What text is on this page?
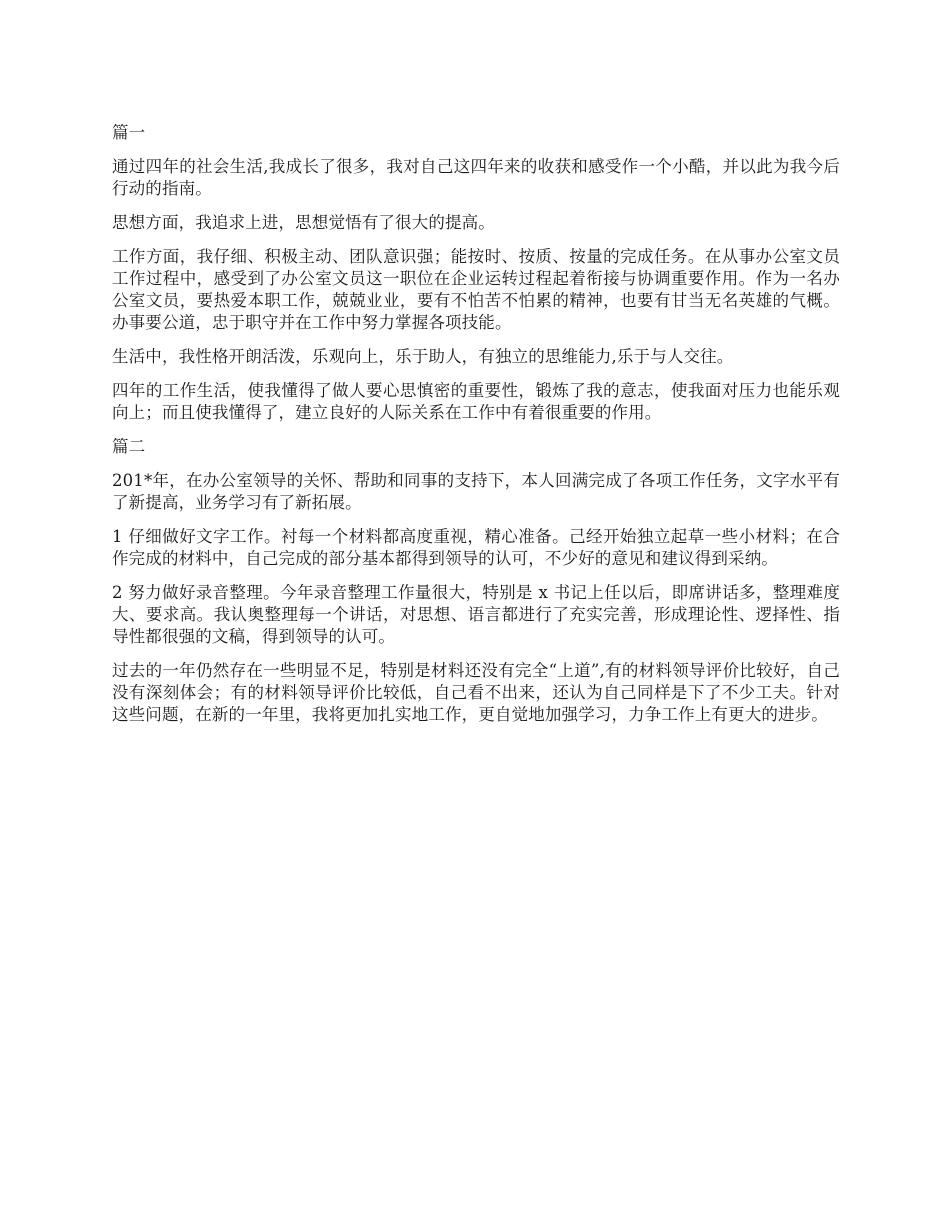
篇一

通过四年的社会生活,我成长了很多，我对自己这四年来的收获和感受作一个小酷，并以此为我今后行动的指南。

思想方面，我追求上进，思想觉悟有了很大的提高。

工作方面，我仔细、积极主动、团队意识强；能按时、按质、按量的完成任务。在从事办公室文员工作过程中，感受到了办公室文员这一职位在企业运转过程起着衔接与协调重要作用。作为一名办公室文员，要热爱本职工作，兢兢业业，要有不怕苦不怕累的精神，也要有甘当无名英雄的气概。办事要公道，忠于职守并在工作中努力掌握各项技能。

生活中，我性格开朗活泼，乐观向上，乐于助人，有独立的思维能力,乐于与人交往。

四年的工作生活，使我懂得了做人要心思慎密的重要性，锻炼了我的意志，使我面对压力也能乐观向上；而且使我懂得了，建立良好的人际关系在工作中有着很重要的作用。

篇二

201*年，在办公室领导的关怀、帮助和同事的支持下，本人回满完成了各项工作任务，文字水平有了新提高，业务学习有了新拓展。

1 仔细做好文字工作。衬每一个材料都高度重视，精心准备。己经开始独立起草一些小材料；在合作完成的材料中，自己完成的部分基本都得到领导的认可，不少好的意见和建议得到采纳。

2 努力做好录音整理。今年录音整理工作量很大，特别是 x 书记上任以后，即席讲话多，整理难度大、要求高。我认奥整理每一个讲话，对思想、语言都进行了充实完善，形成理论性、逻择性、指导性都很强的文稿，得到领导的认可。

过去的一年仍然存在一些明显不足，特别是材料还没有完全“上道”,有的材料领导评价比较好，自己没有深刻体会；有的材料领导评价比较低，自己看不出来，还认为自己同样是下了不少工夫。针对这些问题，在新的一年里，我将更加扎实地工作，更自觉地加强学习，力争工作上有更大的进步。
